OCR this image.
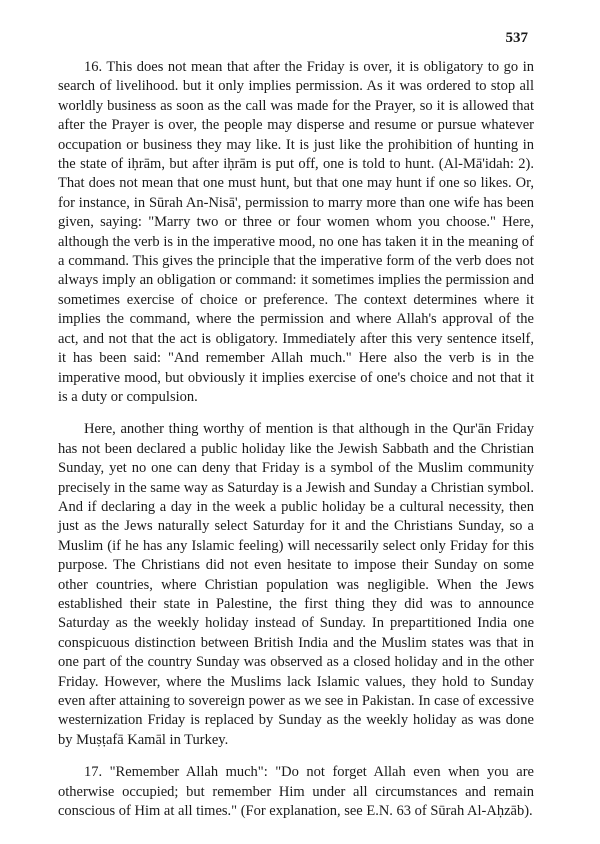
537

16. This does not mean that after the Friday is over, it is obligatory to go in search of livelihood. but it only implies permission. As it was ordered to stop all worldly business as soon as the call was made for the Prayer, so it is allowed that after the Prayer is over, the people may disperse and resume or pursue whatever occupation or business they may like. It is just like the prohibition of hunting in the state of iḥrām, but after iḥrām is put off, one is told to hunt. (Al-Mā'idah: 2). That does not mean that one must hunt, but that one may hunt if one so likes. Or, for instance, in Sūrah An-Nisā', permission to marry more than one wife has been given, saying: "Marry two or three or four women whom you choose." Here, although the verb is in the imperative mood, no one has taken it in the meaning of a command. This gives the principle that the imperative form of the verb does not always imply an obligation or command: it sometimes implies the permission and sometimes exercise of choice or preference. The context determines where it implies the command, where the permission and where Allah's approval of the act, and not that the act is obligatory. Immediately after this very sentence itself, it has been said: "And remember Allah much." Here also the verb is in the imperative mood, but obviously it implies exercise of one's choice and not that it is a duty or compulsion.

Here, another thing worthy of mention is that although in the Qur'ān Friday has not been declared a public holiday like the Jewish Sabbath and the Christian Sunday, yet no one can deny that Friday is a symbol of the Muslim community precisely in the same way as Saturday is a Jewish and Sunday a Christian symbol. And if declaring a day in the week a public holiday be a cultural necessity, then just as the Jews naturally select Saturday for it and the Christians Sunday, so a Muslim (if he has any Islamic feeling) will necessarily select only Friday for this purpose. The Christians did not even hesitate to impose their Sunday on some other countries, where Christian population was negligible. When the Jews established their state in Palestine, the first thing they did was to announce Saturday as the weekly holiday instead of Sunday. In prepartitioned India one conspicuous distinction between British India and the Muslim states was that in one part of the country Sunday was observed as a closed holiday and in the other Friday. However, where the Muslims lack Islamic values, they hold to Sunday even after attaining to sovereign power as we see in Pakistan. In case of excessive westernization Friday is replaced by Sunday as the weekly holiday as was done by Muṣṭafā Kamāl in Turkey.

17. "Remember Allah much": "Do not forget Allah even when you are otherwise occupied; but remember Him under all circumstances and remain conscious of Him at all times." (For explanation, see E.N. 63 of Sūrah Al-Aḥzāb).
